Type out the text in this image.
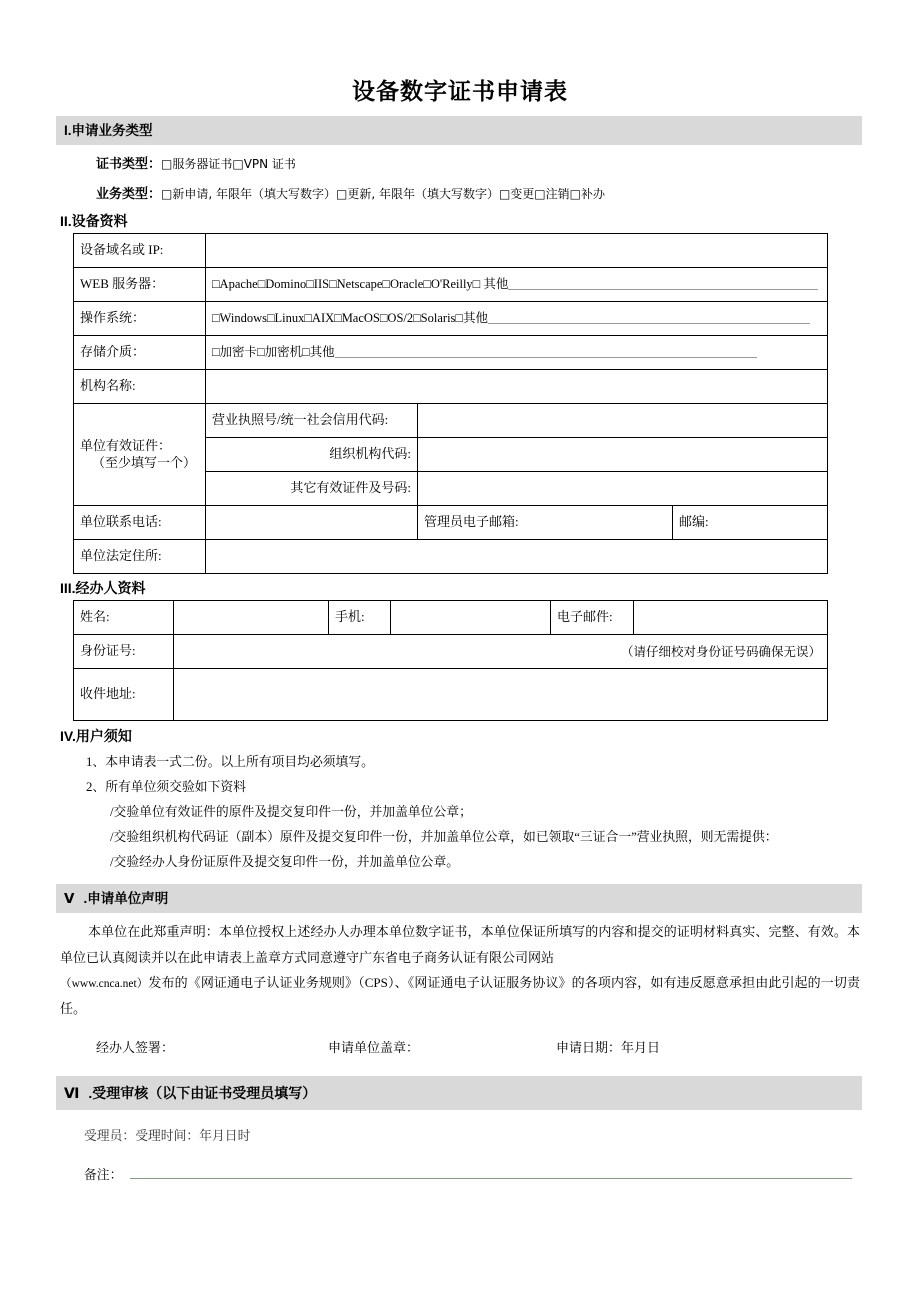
设备数字证书申请表
I.申请业务类型

证书类型：□服务器证书□VPN 证书

业务类型：□新申请, 年限年（填大写数字）□更新, 年限年（填大写数字）□变更□注销□补办

II.设备资料
设备域名或 IP:			
WEB 服务器：	□Apache□Domino□IIS□Netscape□Oracle□O'Reilly□ 其他		
操作系统：	□Windows□Linux□AIX□MacOS□OS/2□Solaris□其他		
存储介质：	□加密卡□加密机□其他		
机构名称:			

单位有效证件：
（至少填写一个）	营业执照号/统一社会信用代码:		
	组织机构代码:		
	其它有效证件及号码:		
单位联系电话:		管理员电子邮箱:	邮编:
单位法定住所:			
III.经办人资料
姓名:		手机:		电子邮件:	
身份证号:	（请仔细校对身份证号码确保无误）				

收件地址:					
IV.用户须知
1、本申请表一式二份。以上所有项目均必须填写。
2、所有单位须交验如下资料
/交验单位有效证件的原件及提交复印件一份，并加盖单位公章；
/交验组织机构代码证（副本）原件及提交复印件一份，并加盖单位公章，如已领取“三证合一”营业执照，则无需提供：
/交验经办人身份证原件及提交复印件一份，并加盖单位公章。
Ⅴ .申请单位声明

本单位在此郑重声明：本单位授权上述经办人办理本单位数字证书，本单位保证所填写的内容和提交的证明材料真实、完整、有效。本单位已认真阅读并以在此申请表上盖章方式同意遵守广东省电子商务认证有限公司网站

（www.cnca.net）发布的《网证通电子认证业务规则》（CPS）、《网证通电子认证服务协议》的各项内容，如有违反愿意承担由此引起的一切责任。

经办人签署：	申请单位盖章：	申请日期：年月日
Ⅵ .受理审核（以下由证书受理员填写）
受理员：受理时间：年月日时
备注：
